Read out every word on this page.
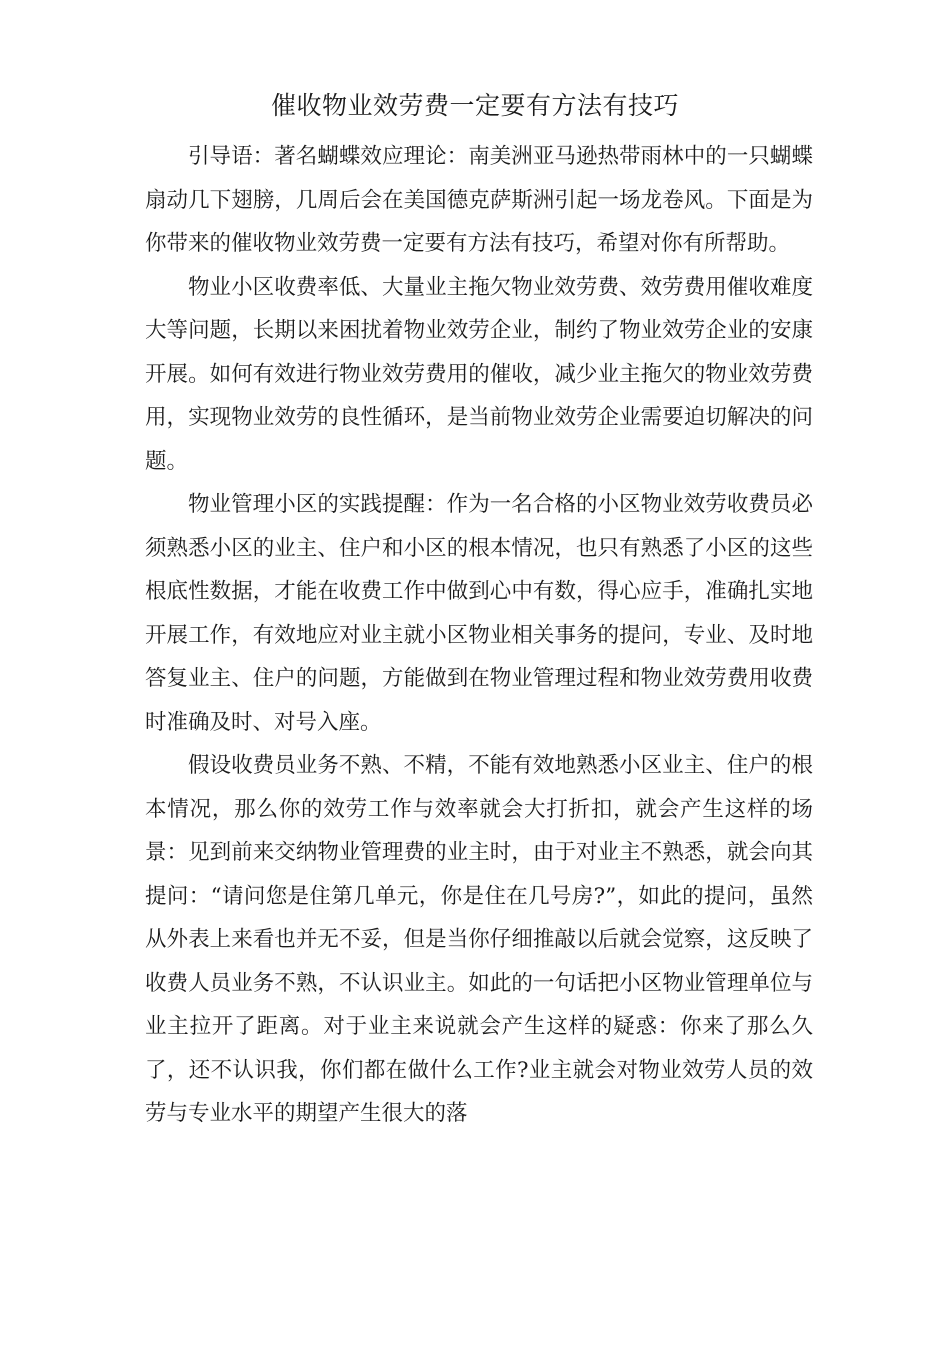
催收物业效劳费一定要有方法有技巧

引导语：著名蝴蝶效应理论：南美洲亚马逊热带雨林中的一只蝴蝶扇动几下翅膀，几周后会在美国德克萨斯洲引起一场龙卷风。下面是为你带来的催收物业效劳费一定要有方法有技巧，希望对你有所帮助。

物业小区收费率低、大量业主拖欠物业效劳费、效劳费用催收难度大等问题，长期以来困扰着物业效劳企业，制约了物业效劳企业的安康开展。如何有效进行物业效劳费用的催收，减少业主拖欠的物业效劳费用，实现物业效劳的良性循环，是当前物业效劳企业需要迫切解决的问题。

物业管理小区的实践提醒：作为一名合格的小区物业效劳收费员必须熟悉小区的业主、住户和小区的根本情况，也只有熟悉了小区的这些根底性数据，才能在收费工作中做到心中有数，得心应手，准确扎实地开展工作，有效地应对业主就小区物业相关事务的提问，专业、及时地答复业主、住户的问题，方能做到在物业管理过程和物业效劳费用收费时准确及时、对号入座。

假设收费员业务不熟、不精，不能有效地熟悉小区业主、住户的根本情况，那么你的效劳工作与效率就会大打折扣，就会产生这样的场景：见到前来交纳物业管理费的业主时，由于对业主不熟悉，就会向其提问：“请问您是住第几单元，你是住在几号房?”，如此的提问，虽然从外表上来看也并无不妥，但是当你仔细推敲以后就会觉察，这反映了收费人员业务不熟，不认识业主。如此的一句话把小区物业管理单位与业主拉开了距离。对于业主来说就会产生这样的疑惑：你来了那么久了，还不认识我，你们都在做什么工作?业主就会对物业效劳人员的效劳与专业水平的期望产生很大的落
